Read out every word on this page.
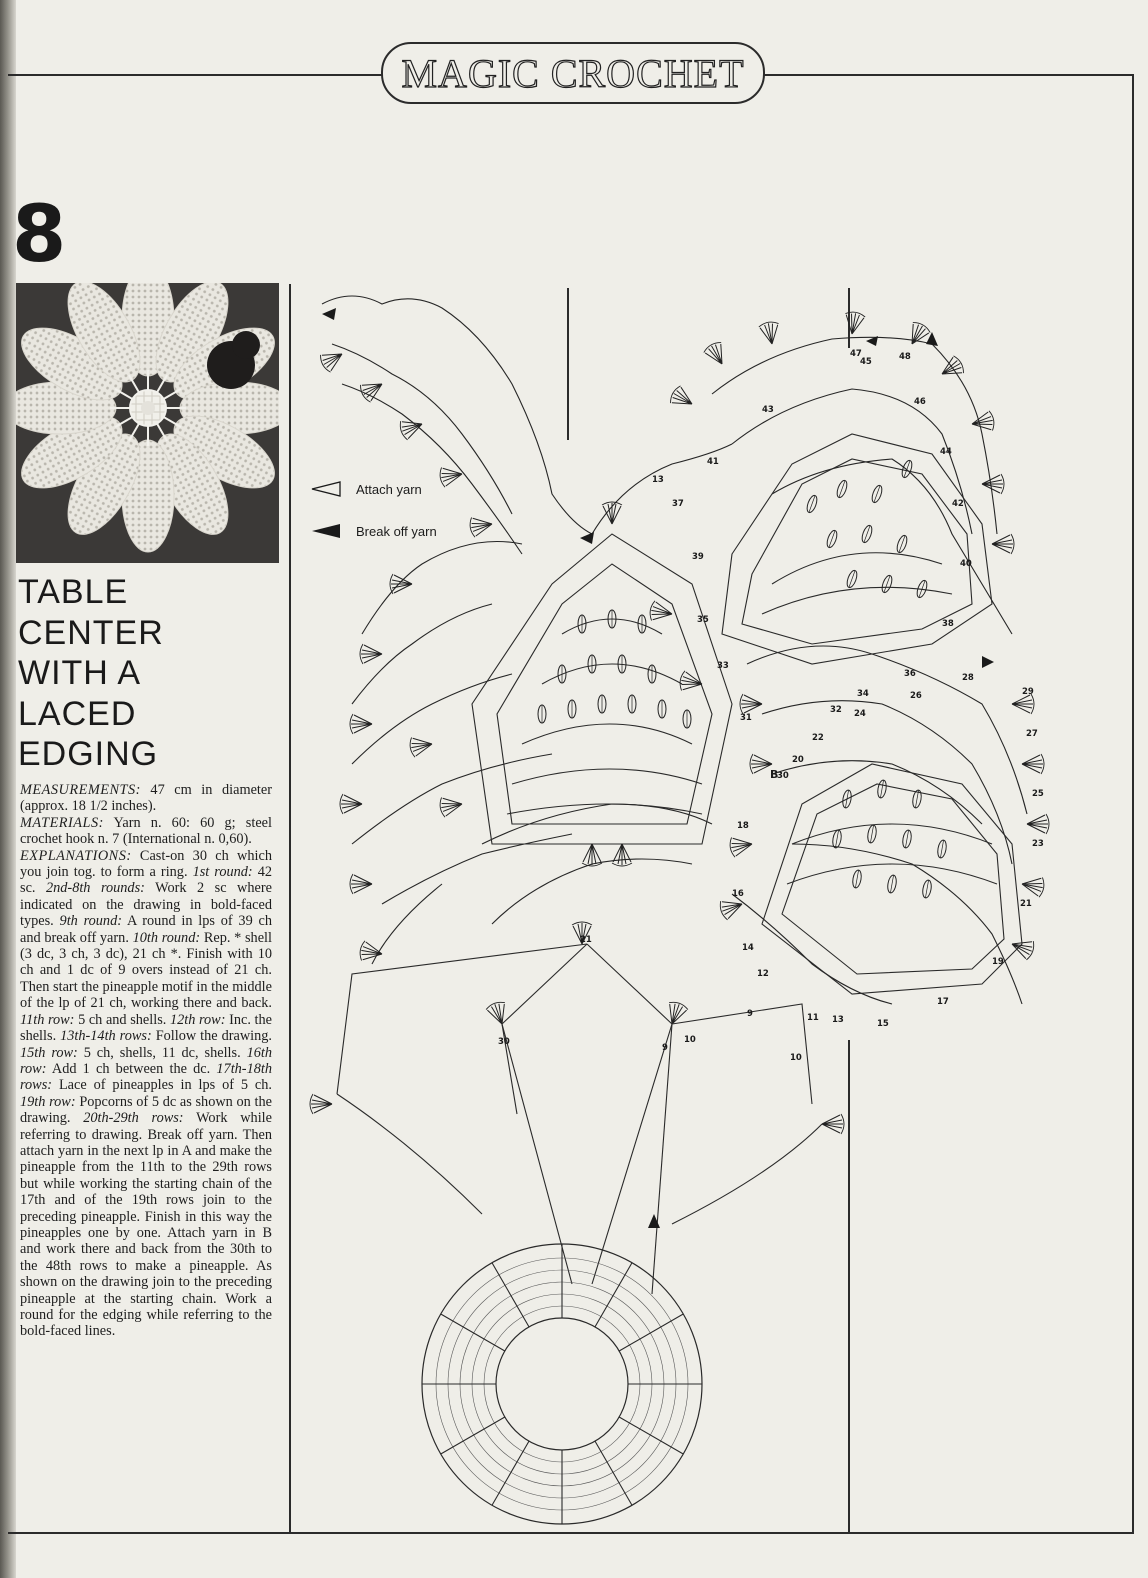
MAGIC CROCHET
8
TABLE
CENTER
WITH A
LACED
EDGING

MEASUREMENTS: 47 cm in diameter (approx. 18 1/2 inches).

MATERIALS: Yarn n. 60: 60 g; steel crochet hook n. 7 (International n. 0,60).

EXPLANATIONS: Cast-on 30 ch which you join tog. to form a ring. 1st round: 42 sc. 2nd-8th rounds: Work 2 sc where indicated on the drawing in bold-faced types. 9th round: A round in lps of 39 ch and break off yarn. 10th round: Rep. * shell (3 dc, 3 ch, 3 dc), 21 ch *. Finish with 10 ch and 1 dc of 9 overs instead of 21 ch. Then start the pineapple motif in the middle of the lp of 21 ch, working there and back. 11th row: 5 ch and shells. 12th row: Inc. the shells. 13th-14th rows: Follow the drawing. 15th row: 5 ch, shells, 11 dc, shells. 16th row: Add 1 ch between the dc. 17th-18th rows: Lace of pineapples in lps of 5 ch. 19th row: Popcorns of 5 dc as shown on the drawing. 20th-29th rows: Work while referring to drawing. Break off yarn. Then attach yarn in the next lp in A and make the pineapple from the 11th to the 29th rows but while working the starting chain of the 17th and of the 19th rows join to the preceding pineapple. Finish in this way the pineapples one by one. Attach yarn in B and work there and back from the 30th to the 48th rows to make a pineapple. As shown on the drawing join to the preceding pineapple at the starting chain. Work a round for the edging while referring to the bold-faced lines.

Attach yarn
Break off yarn
13
37
35
33
31
30
18
16
14
12
11 13	15
48
46
44
42
40
38
29
27
25
23
21
19
17
36
34
32
28
26
24
22
20
39
41
43
45
47
21
30
9
10
9
10
B
